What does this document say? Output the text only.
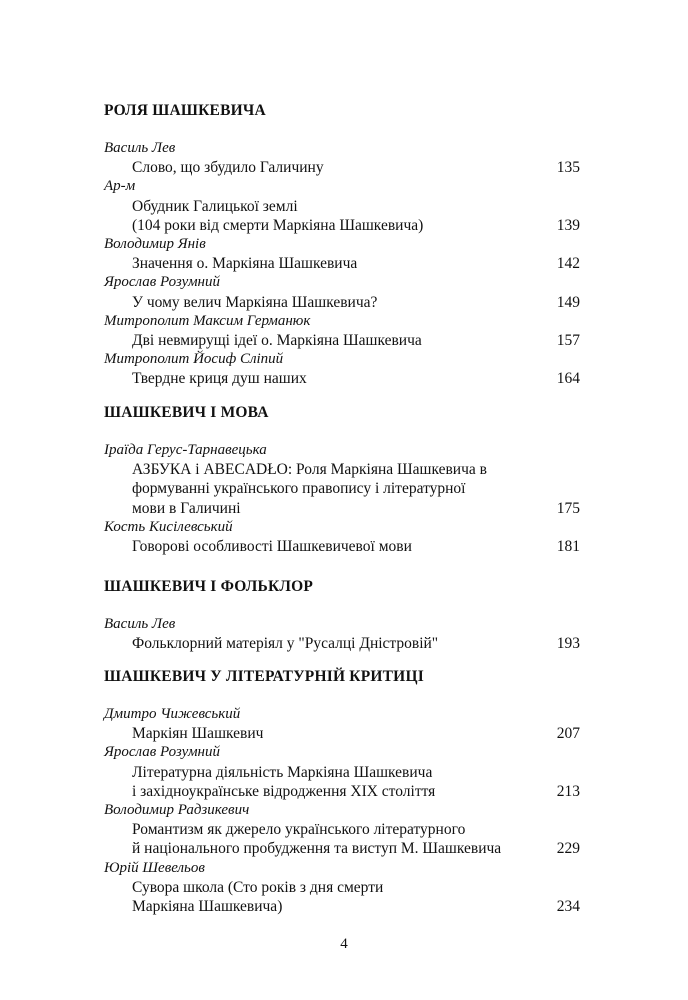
РОЛЯ ШАШКЕВИЧА
Василь Лев
Слово, що збудило Галичину	135
Ар-м
Обудник Галицької землі
(104 роки від смерти Маркіяна Шашкевича)	139
Володимир Янів
Значення о. Маркіяна Шашкевича	142
Ярослав Розумний
У чому велич Маркіяна Шашкевича?	149
Митрополит Максим Германюк
Дві невмирущі ідеї о. Маркіяна Шашкевича	157
Митрополит Йосиф Сліпий
Твердне криця душ наших	164
ШАШКЕВИЧ І МОВА
Іраїда Герус-Тарнавецька
АЗБУКА і ABECADŁO: Роля Маркіяна Шашкевича в
формуванні українського правопису і літературної
мови в Галичині	175
Кость Кисілевський
Говорові особливості Шашкевичевої мови	181
ШАШКЕВИЧ І ФОЛЬКЛОР
Василь Лев
Фольклорний матеріял у "Русалці Дністровій"	193
ШАШКЕВИЧ У ЛІТЕРАТУРНІЙ КРИТИЦІ
Дмитро Чижевський
Маркіян Шашкевич	207
Ярослав Розумний
Літературна діяльність Маркіяна Шашкевича
і західноукраїнське відродження XIX століття	213
Володимир Радзикевич
Романтизм як джерело українського літературного
й національного пробудження та виступ М. Шашкевича	229
Юрій Шевельов
Сувора школа (Сто років з дня смерти
Маркіяна Шашкевича)	234
4
